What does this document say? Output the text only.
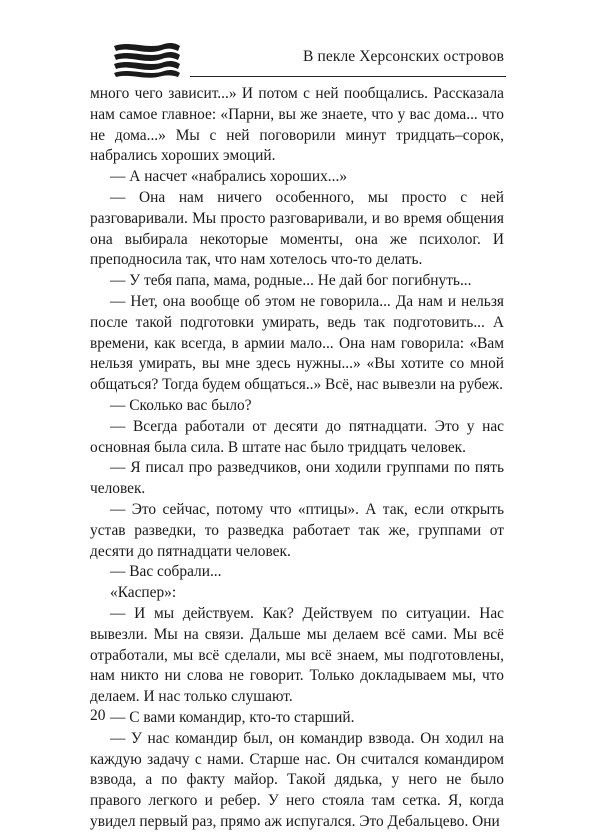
В пекле Херсонских островов

много чего зависит...» И потом с ней пообщались. Рассказала нам самое главное: «Парни, вы же знаете, что у вас дома... что не дома...» Мы с ней поговорили минут тридцать–сорок, набрались хороших эмоций.

— А насчет «набрались хороших...»

— Она нам ничего особенного, мы просто с ней разговаривали. Мы просто разговаривали, и во время общения она выбирала некоторые моменты, она же психолог. И преподносила так, что нам хотелось что-то делать.

— У тебя папа, мама, родные... Не дай бог погибнуть...

— Нет, она вообще об этом не говорила... Да нам и нельзя после такой подготовки умирать, ведь так подготовить... А времени, как всегда, в армии мало... Она нам говорила: «Вам нельзя умирать, вы мне здесь нужны...» «Вы хотите со мной общаться? Тогда будем общаться..» Всё, нас вывезли на рубеж.

— Сколько вас было?

— Всегда работали от десяти до пятнадцати. Это у нас основная была сила. В штате нас было тридцать человек.

— Я писал про разведчиков, они ходили группами по пять человек.

— Это сейчас, потому что «птицы». А так, если открыть устав разведки, то разведка работает так же, группами от десяти до пятнадцати человек.

— Вас собрали...

«Каспер»:

— И мы действуем. Как? Действуем по ситуации. Нас вывезли. Мы на связи. Дальше мы делаем всё сами. Мы всё отработали, мы всё сделали, мы всё знаем, мы подготовлены, нам никто ни слова не говорит. Только докладываем мы, что делаем. И нас только слушают.

— С вами командир, кто-то старший.

— У нас командир был, он командир взвода. Он ходил на каждую задачу с нами. Старше нас. Он считался командиром взвода, а по факту майор. Такой дядька, у него не было правого легкого и ребер. У него стояла там сетка. Я, когда увидел первый раз, прямо аж испугался. Это Дебальцево. Они

20
